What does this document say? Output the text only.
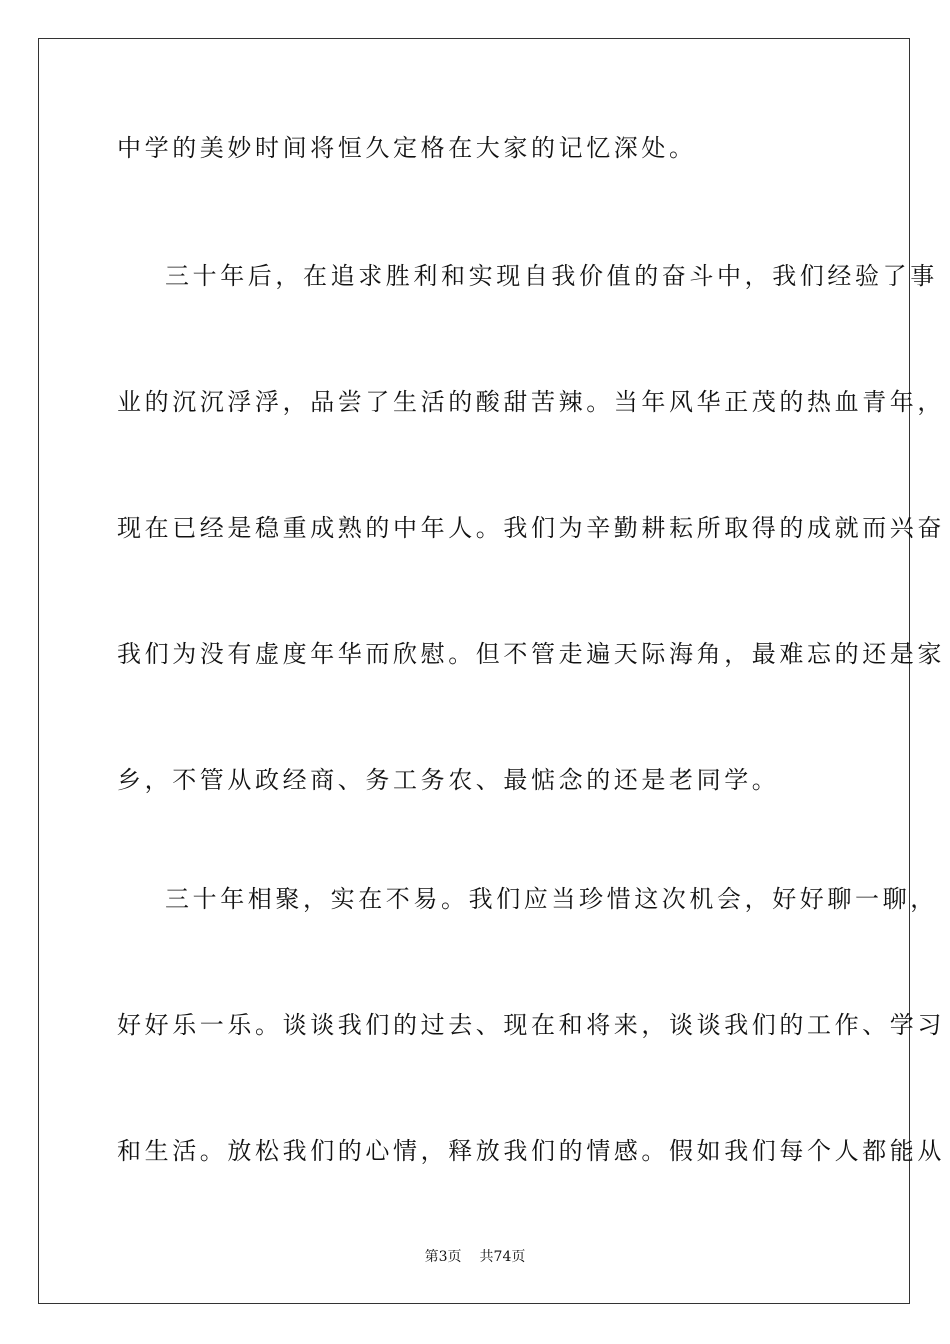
中学的美妙时间将恒久定格在大家的记忆深处。
三十年后，在追求胜利和实现自我价值的奋斗中，我们经验了事
业的沉沉浮浮，品尝了生活的酸甜苦辣。当年风华正茂的热血青年，
现在已经是稳重成熟的中年人。我们为辛勤耕耘所取得的成就而兴奋
我们为没有虚度年华而欣慰。但不管走遍天际海角，最难忘的还是家
乡，不管从政经商、务工务农、最惦念的还是老同学。
三十年相聚，实在不易。我们应当珍惜这次机会，好好聊一聊，
好好乐一乐。谈谈我们的过去、现在和将来，谈谈我们的工作、学习
和生活。放松我们的心情，释放我们的情感。假如我们每个人都能从
第3页 共74页
